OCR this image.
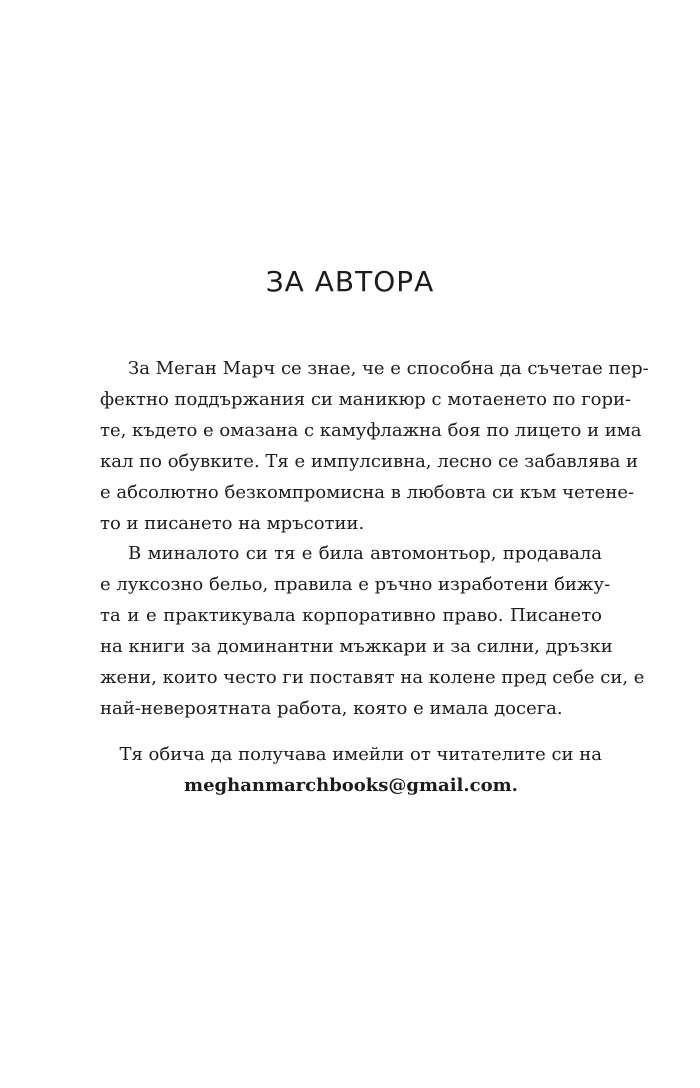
ЗА АВТОРА
За Меган Марч се знае, че е способна да съчетае пер-
фектно поддържания си маникюр с мотаенето по гори-
те, където е омазана с камуфлажна боя по лицето и има
кал по обувките. Тя е импулсивна, лесно се забавлява и
е абсолютно безкомпромисна в любовта си към четене-
то и писането на мръсотии.
В миналото си тя е била автомонтьор, продавала
е луксозно бельо, правила е ръчно изработени бижу-
та и е практикувала корпоративно право. Писането
на книги за доминантни мъжкари и за силни, дръзки
жени, които често ги поставят на колене пред себе си, е
най-невероятната работа, която е имала досега.
Тя обича да получава имейли от читателите си на
meghanmarchbooks@gmail.com.
